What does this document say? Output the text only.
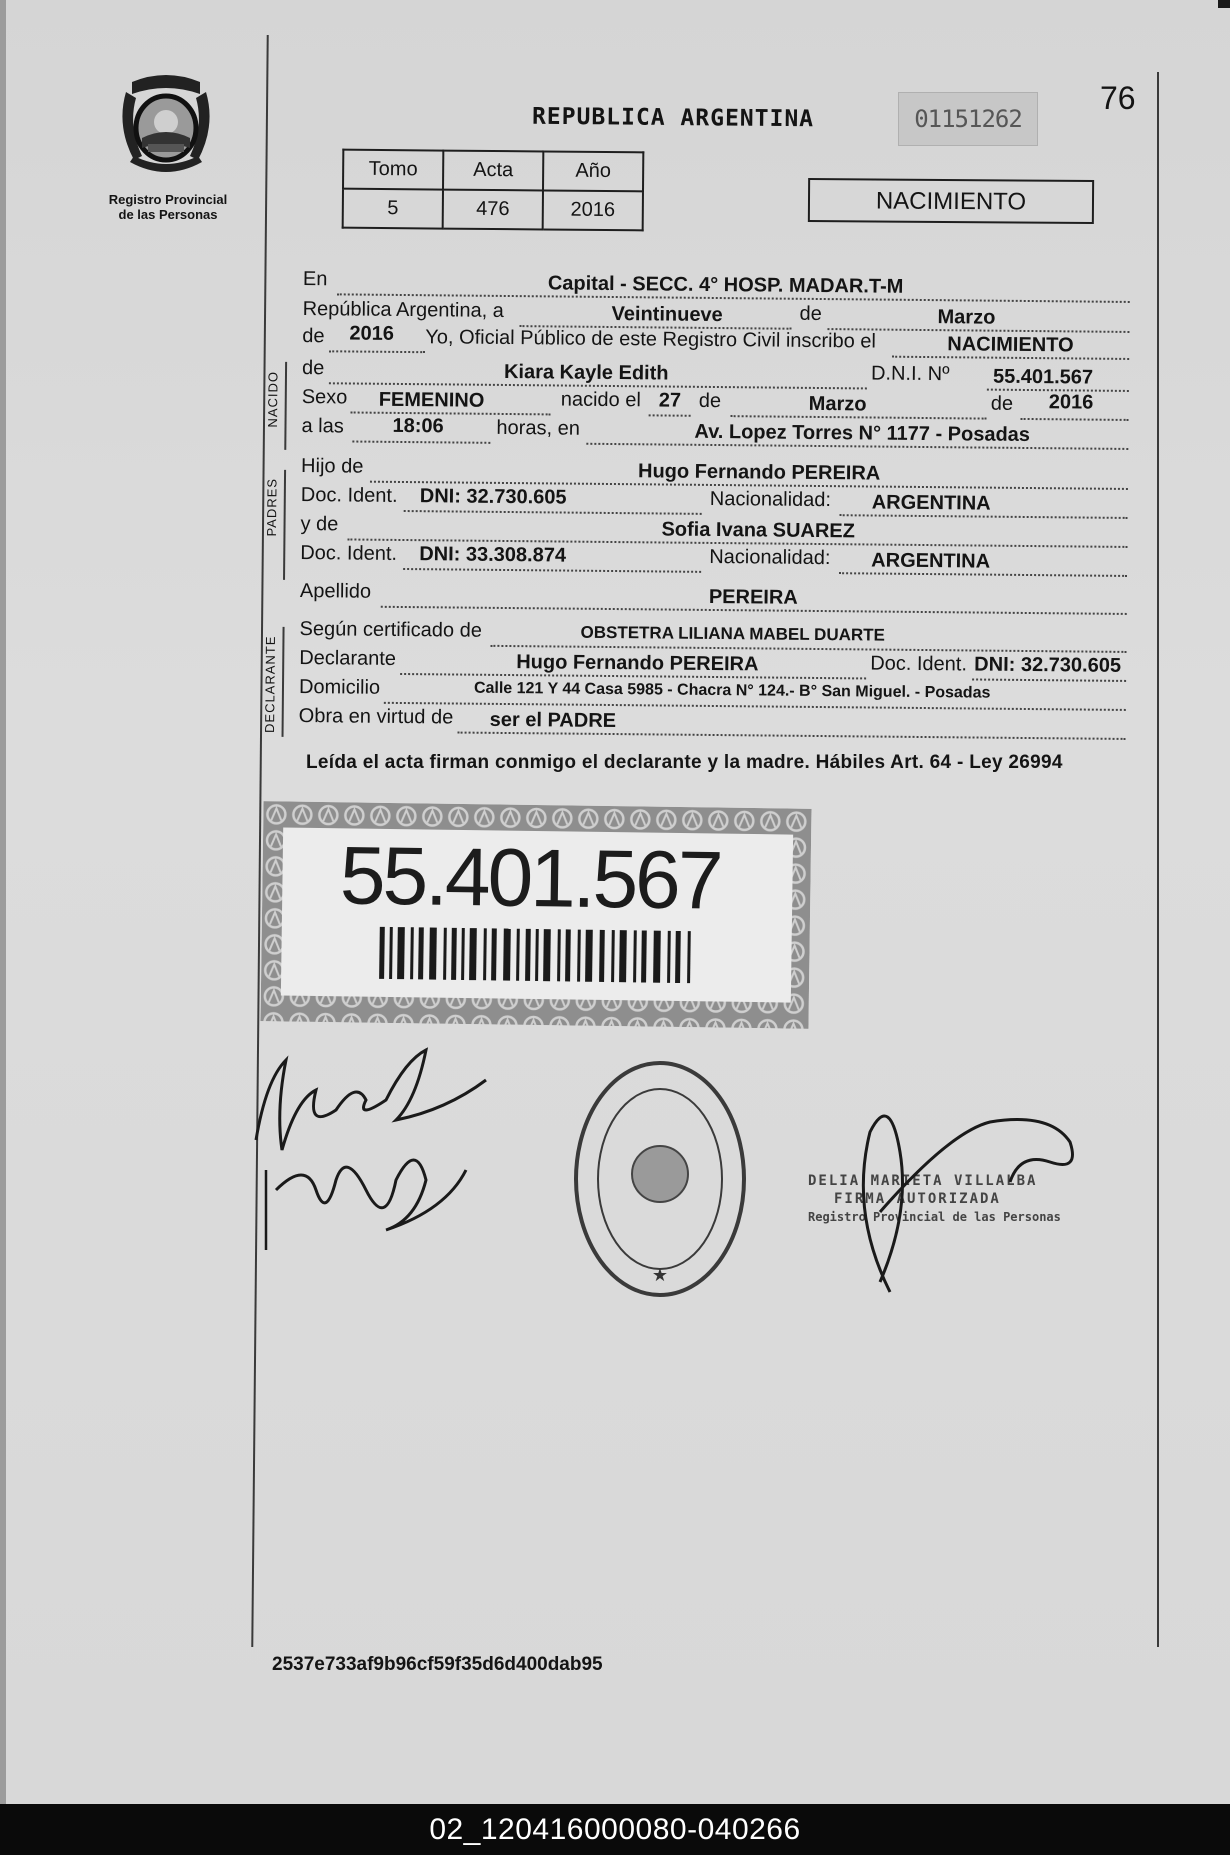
Registro Provincial
de las Personas
REPUBLICA ARGENTINA	01151262
76
Tomo	Acta	Año
5	476	2016	NACIMIENTO
NACIDO
PADRES
DECLARANTE
En	Capital - SECC. 4° HOSP. MADAR.T-M
República Argentina, a	Veintinueve	de	Marzo
de 2016 Yo, Oficial Público de este Registro Civil inscribo el	NACIMIENTO
de	Kiara Kayle Edith	D.N.I. Nº 55.401.567
Sexo FEMENINO	nacido el 27 de	Marzo	de 2016
a las 18:06	horas, en	Av. Lopez Torres N° 1177 - Posadas
Hijo de	Hugo Fernando PEREIRA
Doc. Ident. DNI: 32.730.605	Nacionalidad: ARGENTINA
y de	Sofia Ivana SUAREZ
Doc. Ident. DNI: 33.308.874	Nacionalidad: ARGENTINA
Apellido	PEREIRA
Según certificado de	OBSTETRA LILIANA MABEL DUARTE
Declarante	Hugo Fernando PEREIRA	Doc. Ident. DNI: 32.730.605
Domicilio	Calle 121 Y 44 Casa 5985 - Chacra N° 124.- B° San Miguel. - Posadas
Obra en virtud de ser el PADRE
Leída el acta firman conmigo el declarante y la madre. Hábiles Art. 64 - Ley 26994
55.401.567
★
DELIA MARIETA VILLALBA
FIRMA AUTORIZADA
Registro Provincial de las Personas
2537e733af9b96cf59f35d6d400dab95
02_120416000080-040266
